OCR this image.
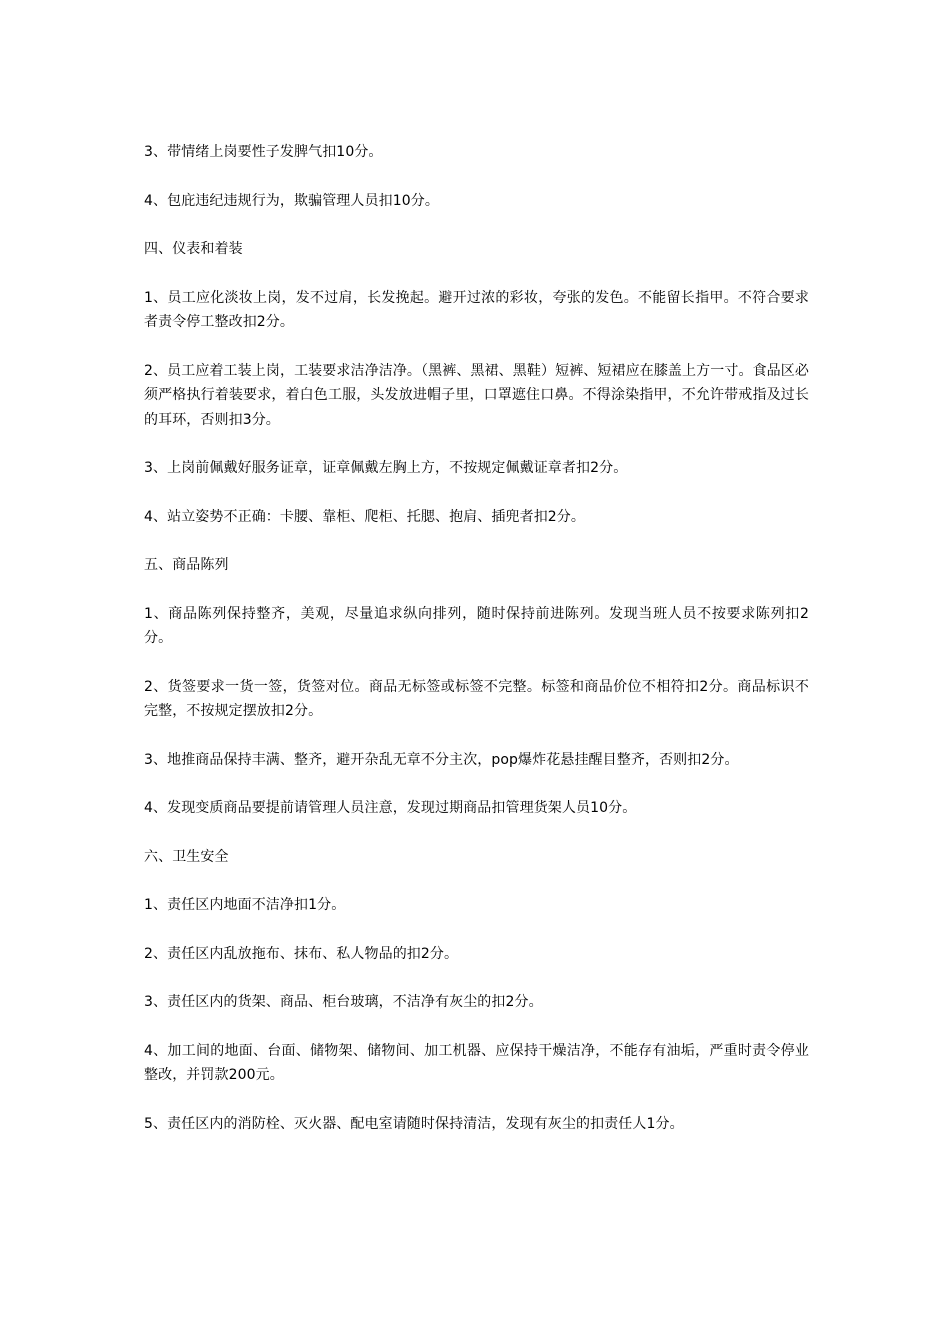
3、带情绪上岗要性子发脾气扣10分。

4、包庇违纪违规行为，欺骗管理人员扣10分。

四、仪表和着装

1、员工应化淡妆上岗，发不过肩，长发挽起。避开过浓的彩妆，夸张的发色。不能留长指甲。不符合要求者责令停工整改扣2分。

2、员工应着工装上岗，工装要求洁净洁净。（黑裤、黑裙、黑鞋）短裤、短裙应在膝盖上方一寸。食品区必须严格执行着装要求，着白色工服，头发放进帽子里，口罩遮住口鼻。不得涂染指甲，不允许带戒指及过长的耳环，否则扣3分。

3、上岗前佩戴好服务证章，证章佩戴左胸上方，不按规定佩戴证章者扣2分。

4、站立姿势不正确：卡腰、靠柜、爬柜、托腮、抱肩、插兜者扣2分。

五、商品陈列

1、商品陈列保持整齐，美观，尽量追求纵向排列，随时保持前进陈列。发现当班人员不按要求陈列扣2分。

2、货签要求一货一签，货签对位。商品无标签或标签不完整。标签和商品价位不相符扣2分。商品标识不完整，不按规定摆放扣2分。

3、地推商品保持丰满、整齐，避开杂乱无章不分主次，pop爆炸花悬挂醒目整齐，否则扣2分。

4、发现变质商品要提前请管理人员注意，发现过期商品扣管理货架人员10分。

六、卫生安全

1、责任区内地面不洁净扣1分。

2、责任区内乱放拖布、抹布、私人物品的扣2分。

3、责任区内的货架、商品、柜台玻璃，不洁净有灰尘的扣2分。

4、加工间的地面、台面、储物架、储物间、加工机器、应保持干燥洁净，不能存有油垢，严重时责令停业整改，并罚款200元。

5、责任区内的消防栓、灭火器、配电室请随时保持清洁，发现有灰尘的扣责任人1分。
